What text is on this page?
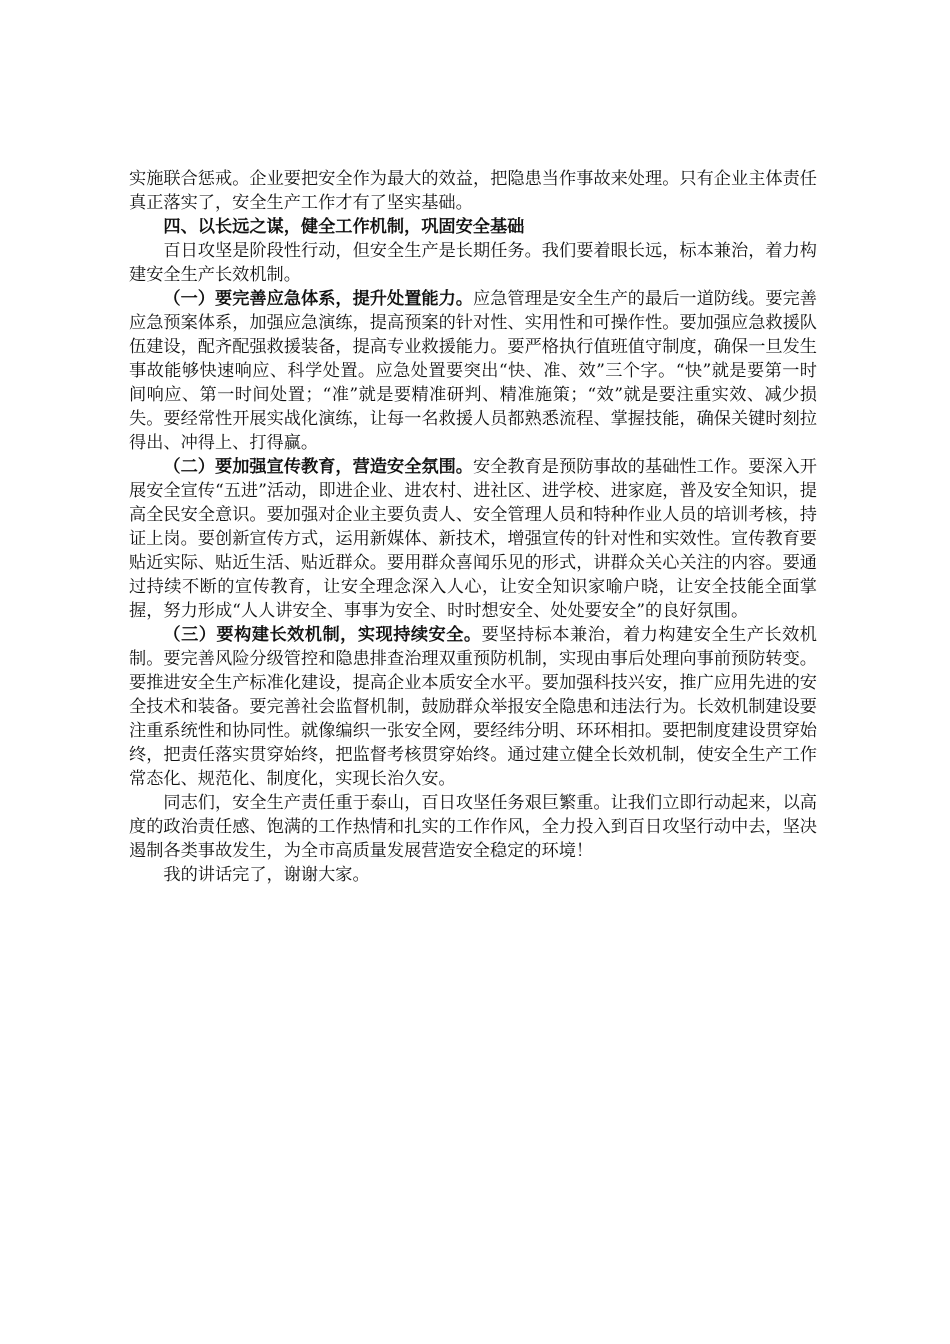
实施联合惩戒。企业要把安全作为最大的效益，把隐患当作事故来处理。只有企业主体责任真正落实了，安全生产工作才有了坚实基础。

四、以长远之谋，健全工作机制，巩固安全基础

百日攻坚是阶段性行动，但安全生产是长期任务。我们要着眼长远，标本兼治，着力构建安全生产长效机制。

（一）要完善应急体系，提升处置能力。应急管理是安全生产的最后一道防线。要完善应急预案体系，加强应急演练，提高预案的针对性、实用性和可操作性。要加强应急救援队伍建设，配齐配强救援装备，提高专业救援能力。要严格执行值班值守制度，确保一旦发生事故能够快速响应、科学处置。应急处置要突出“快、准、效”三个字。“快”就是要第一时间响应、第一时间处置；“准”就是要精准研判、精准施策；“效”就是要注重实效、减少损失。要经常性开展实战化演练，让每一名救援人员都熟悉流程、掌握技能，确保关键时刻拉得出、冲得上、打得赢。

（二）要加强宣传教育，营造安全氛围。安全教育是预防事故的基础性工作。要深入开展安全宣传“五进”活动，即进企业、进农村、进社区、进学校、进家庭，普及安全知识，提高全民安全意识。要加强对企业主要负责人、安全管理人员和特种作业人员的培训考核，持证上岗。要创新宣传方式，运用新媒体、新技术，增强宣传的针对性和实效性。宣传教育要贴近实际、贴近生活、贴近群众。要用群众喜闻乐见的形式，讲群众关心关注的内容。要通过持续不断的宣传教育，让安全理念深入人心，让安全知识家喻户晓，让安全技能全面掌握，努力形成“人人讲安全、事事为安全、时时想安全、处处要安全”的良好氛围。

（三）要构建长效机制，实现持续安全。要坚持标本兼治，着力构建安全生产长效机制。要完善风险分级管控和隐患排查治理双重预防机制，实现由事后处理向事前预防转变。要推进安全生产标准化建设，提高企业本质安全水平。要加强科技兴安，推广应用先进的安全技术和装备。要完善社会监督机制，鼓励群众举报安全隐患和违法行为。长效机制建设要注重系统性和协同性。就像编织一张安全网，要经纬分明、环环相扣。要把制度建设贯穿始终，把责任落实贯穿始终，把监督考核贯穿始终。通过建立健全长效机制，使安全生产工作常态化、规范化、制度化，实现长治久安。

同志们，安全生产责任重于泰山，百日攻坚任务艰巨繁重。让我们立即行动起来，以高度的政治责任感、饱满的工作热情和扎实的工作作风，全力投入到百日攻坚行动中去，坚决遏制各类事故发生，为全市高质量发展营造安全稳定的环境！

我的讲话完了，谢谢大家。
